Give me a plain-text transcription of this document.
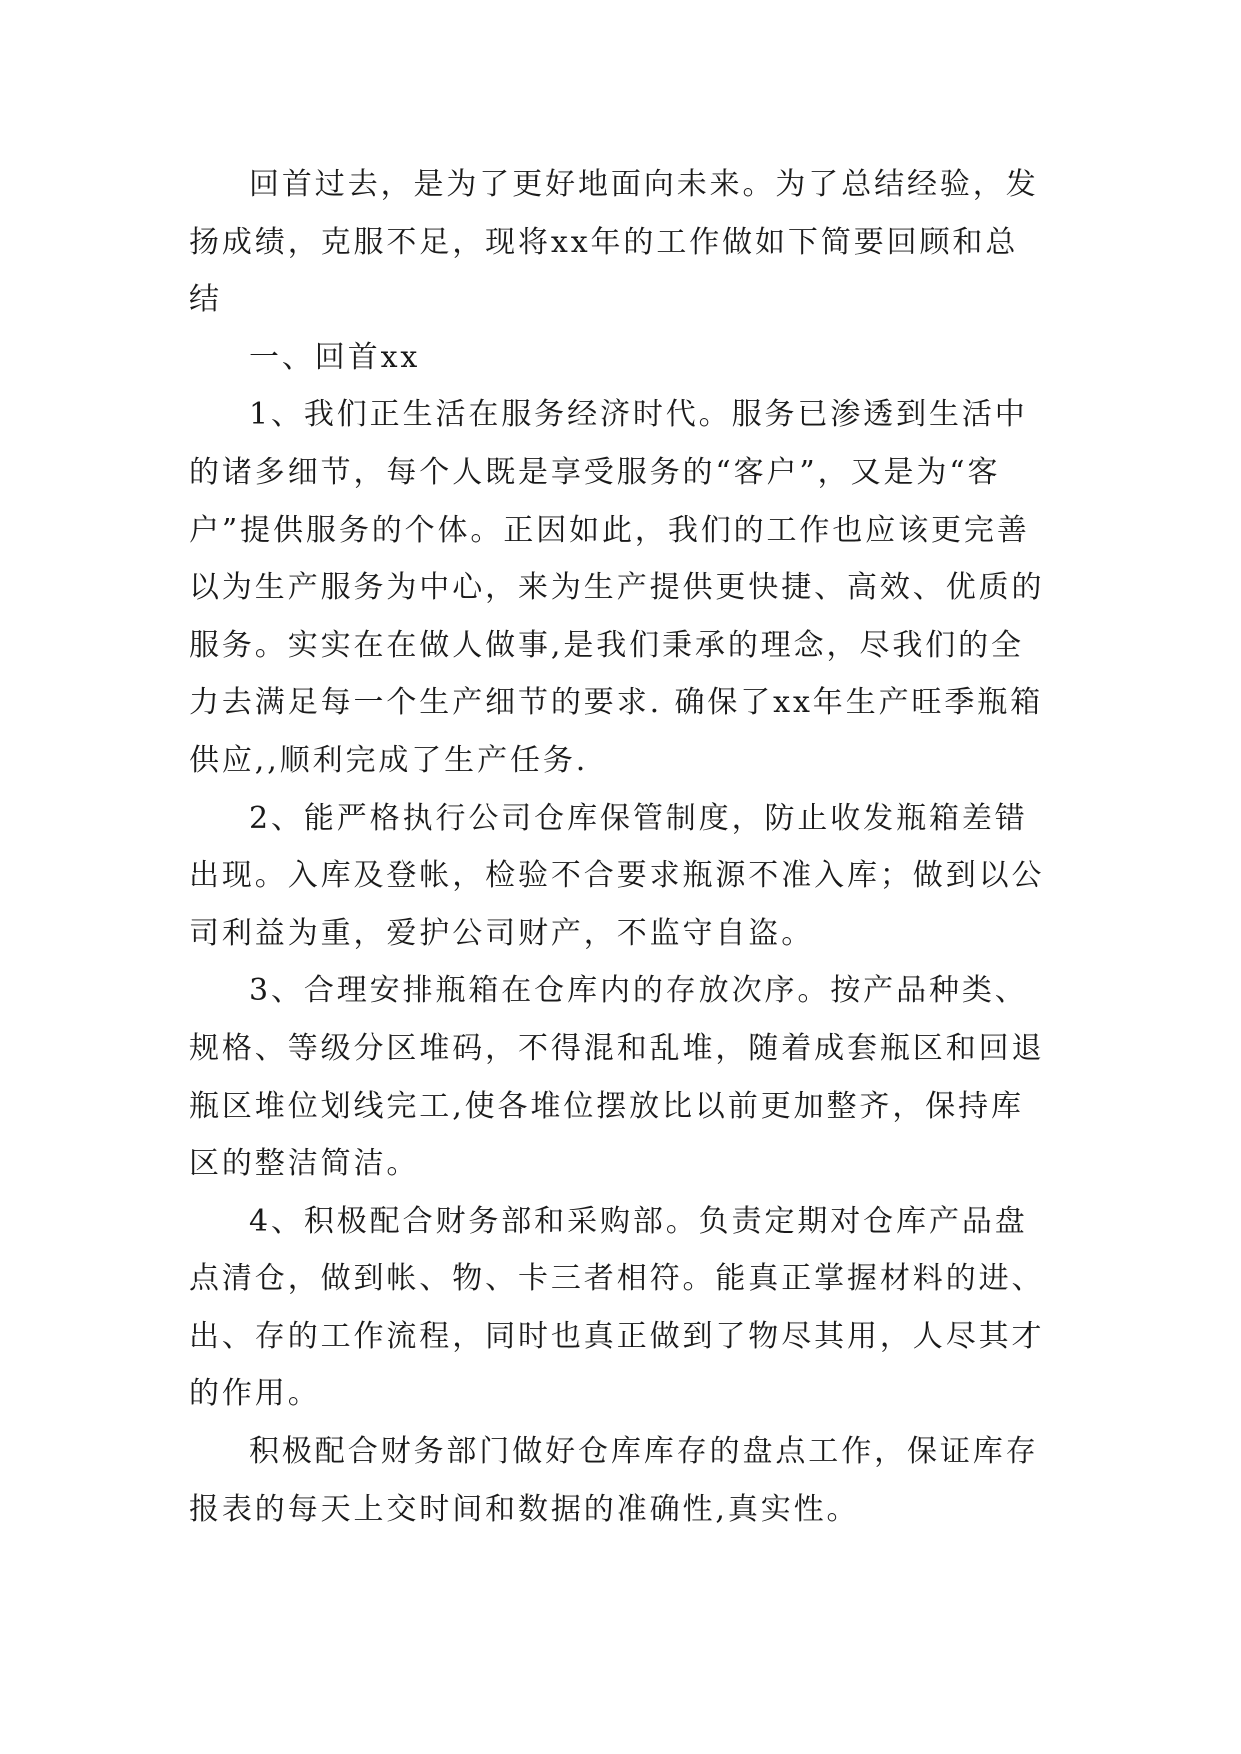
回首过去，是为了更好地面向未来。为了总结经验，发扬成绩，克服不足，现将xx年的工作做如下简要回顾和总结

一、回首xx

1、我们正生活在服务经济时代。服务已渗透到生活中的诸多细节，每个人既是享受服务的“客户”，又是为“客户”提供服务的个体。正因如此，我们的工作也应该更完善以为生产服务为中心，来为生产提供更快捷、高效、优质的服务。实实在在做人做事,是我们秉承的理念，尽我们的全力去满足每一个生产细节的要求. 确保了xx年生产旺季瓶箱供应,,顺利完成了生产任务.

2、能严格执行公司仓库保管制度，防止收发瓶箱差错出现。入库及登帐，检验不合要求瓶源不准入库；做到以公司利益为重，爱护公司财产，不监守自盗。

3、合理安排瓶箱在仓库内的存放次序。按产品种类、规格、等级分区堆码，不得混和乱堆，随着成套瓶区和回退瓶区堆位划线完工,使各堆位摆放比以前更加整齐，保持库区的整洁简洁。

4、积极配合财务部和采购部。负责定期对仓库产品盘点清仓，做到帐、物、卡三者相符。能真正掌握材料的进、出、存的工作流程，同时也真正做到了物尽其用，人尽其才的作用。

积极配合财务部门做好仓库库存的盘点工作，保证库存报表的每天上交时间和数据的准确性,真实性。
